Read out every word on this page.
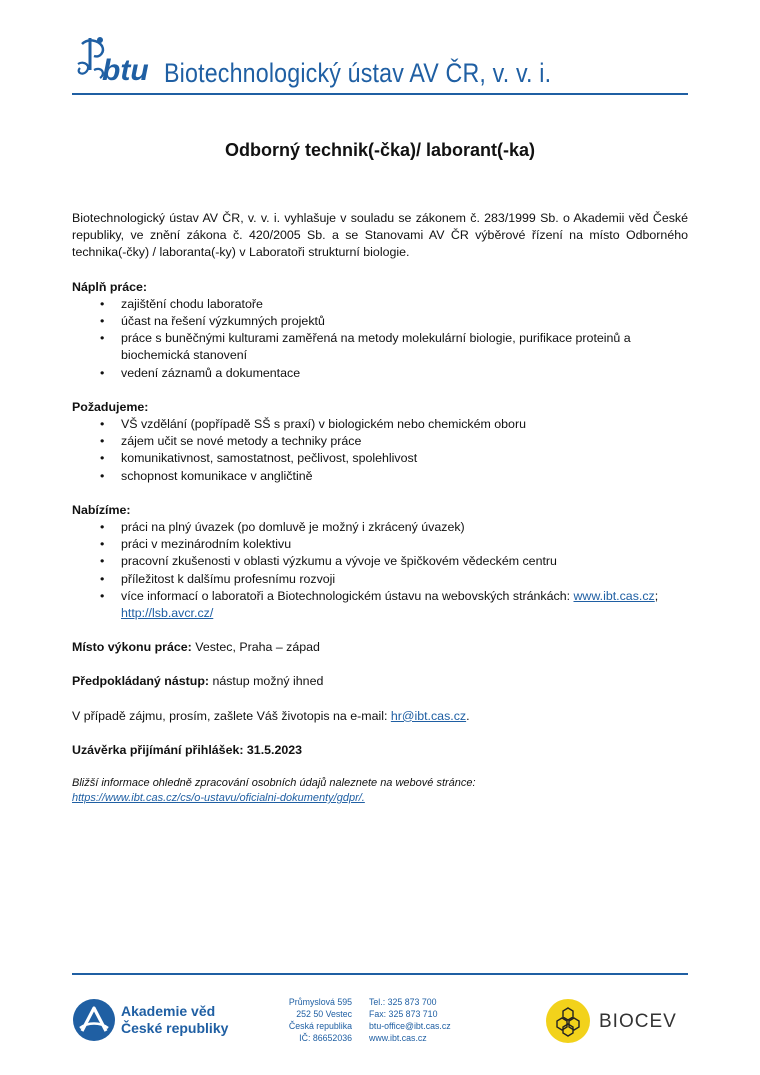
btu Biotechnologický ústav AV ČR, v. v. i.
Odborný technik(-čka)/ laborant(-ka)

Biotechnologický ústav AV ČR, v. v. i. vyhlašuje v souladu se zákonem č. 283/1999 Sb. o Akademii věd České republiky, ve znění zákona č. 420/2005 Sb. a se Stanovami AV ČR výběrové řízení na místo Odborného technika(-čky) / laboranta(-ky) v Laboratoři strukturní biologie.

Náplň práce:

• zajištění chodu laboratoře
• účast na řešení výzkumných projektů
• práce s buněčnými kulturami zaměřená na metody molekulární biologie, purifikace proteinů a biochemická stanovení
• vedení záznamů a dokumentace

Požadujeme:

• VŠ vzdělání (popřípadě SŠ s praxí) v biologickém nebo chemickém oboru
• zájem učit se nové metody a techniky práce
• komunikativnost, samostatnost, pečlivost, spolehlivost
• schopnost komunikace v angličtině

Nabízíme:

• práci na plný úvazek (po domluvě je možný i zkrácený úvazek)
• práci v mezinárodním kolektivu
• pracovní zkušenosti v oblasti výzkumu a vývoje ve špičkovém vědeckém centru
• příležitost k dalšímu profesnímu rozvoji
• více informací o laboratoři a Biotechnologickém ústavu na webovských stránkách: www.ibt.cas.cz; http://lsb.avcr.cz/

Místo výkonu práce: Vestec, Praha – západ

Předpokládaný nástup: nástup možný ihned

V případě zájmu, prosím, zašlete Váš životopis na e-mail: hr@ibt.cas.cz.

Uzávěrka přijímání přihlášek: 31.5.2023

Bližší informace ohledně zpracování osobních údajů naleznete na webové stránce:

https://www.ibt.cas.cz/cs/o-ustavu/oficialni-dokumenty/gdpr/.

Akademie věd
České republiky
Průmyslová 595
252 50 Vestec
Česká republika
IČ: 86652036
Tel.: 325 873 700
Fax: 325 873 710
btu-office@ibt.cas.cz
www.ibt.cas.cz
BIOCEV
